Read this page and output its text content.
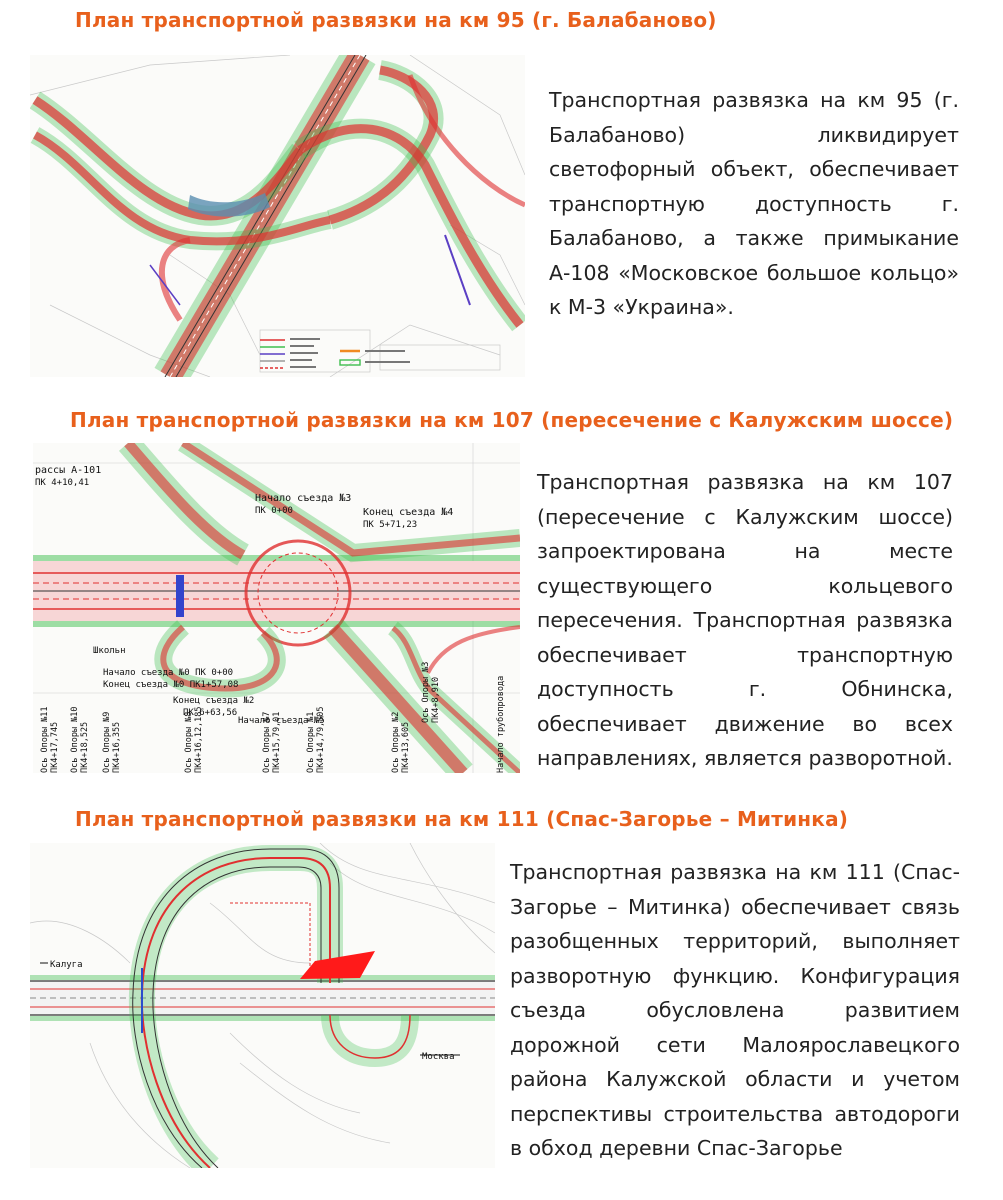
План транспортной развязки на км 95 (г. Балабаново)

Транспортная развязка на км 95 (г. Балабаново) ликвидирует светофорный объект, обеспечивает транспортную доступность г. Балабаново, а также примыкание А-108 «Московское большое кольцо» к М-3 «Украина».

План транспортной развязки на км 107 (пересечение с Калужским шоссе)
рассы А-101
ПК 4+10,41
Начало съезда №3
ПК 0+00	Конец съезда №4
ПК 5+71,23
Школьн
Начало съезда №0 ПК 0+00
Конец съезда №0 ПК1+57,08
Конец съезда №2
ПК 6+63,56
Начало съезда №5
Ось Опоры №11 ПК4+17,745 Ось Опоры №10 ПК4+18,525 Ось Опоры №9 ПК4+16,355	Ось Опоры №8 ПК4+16,12,185	Ось Опоры №7 ПК4+15,79,01	Ось Опоры №1 ПК4+14,79,805	Ось Опоры №2 ПК4+13,605
Ось Опоры №3 ПК4+8,910	Начало трубопровода

Транспортная развязка на км 107 (пересечение с Калужским шоссе) запроектирована на месте существующего кольцевого пересечения. Транспортная развязка обеспечивает транспортную доступность г. Обнинска, обеспечивает движение во всех направлениях, является разворотной.

План транспортной развязки на км 111 (Спас-Загорье – Митинка)
Калуга
Москва

Транспортная развязка на км 111 (Спас-Загорье – Митинка) обеспечивает связь разобщенных территорий, выполняет разворотную функцию. Конфигурация съезда обусловлена развитием дорожной сети Малоярославецкого района Калужской области и учетом перспективы строительства автодороги в обход деревни Спас-Загорье
